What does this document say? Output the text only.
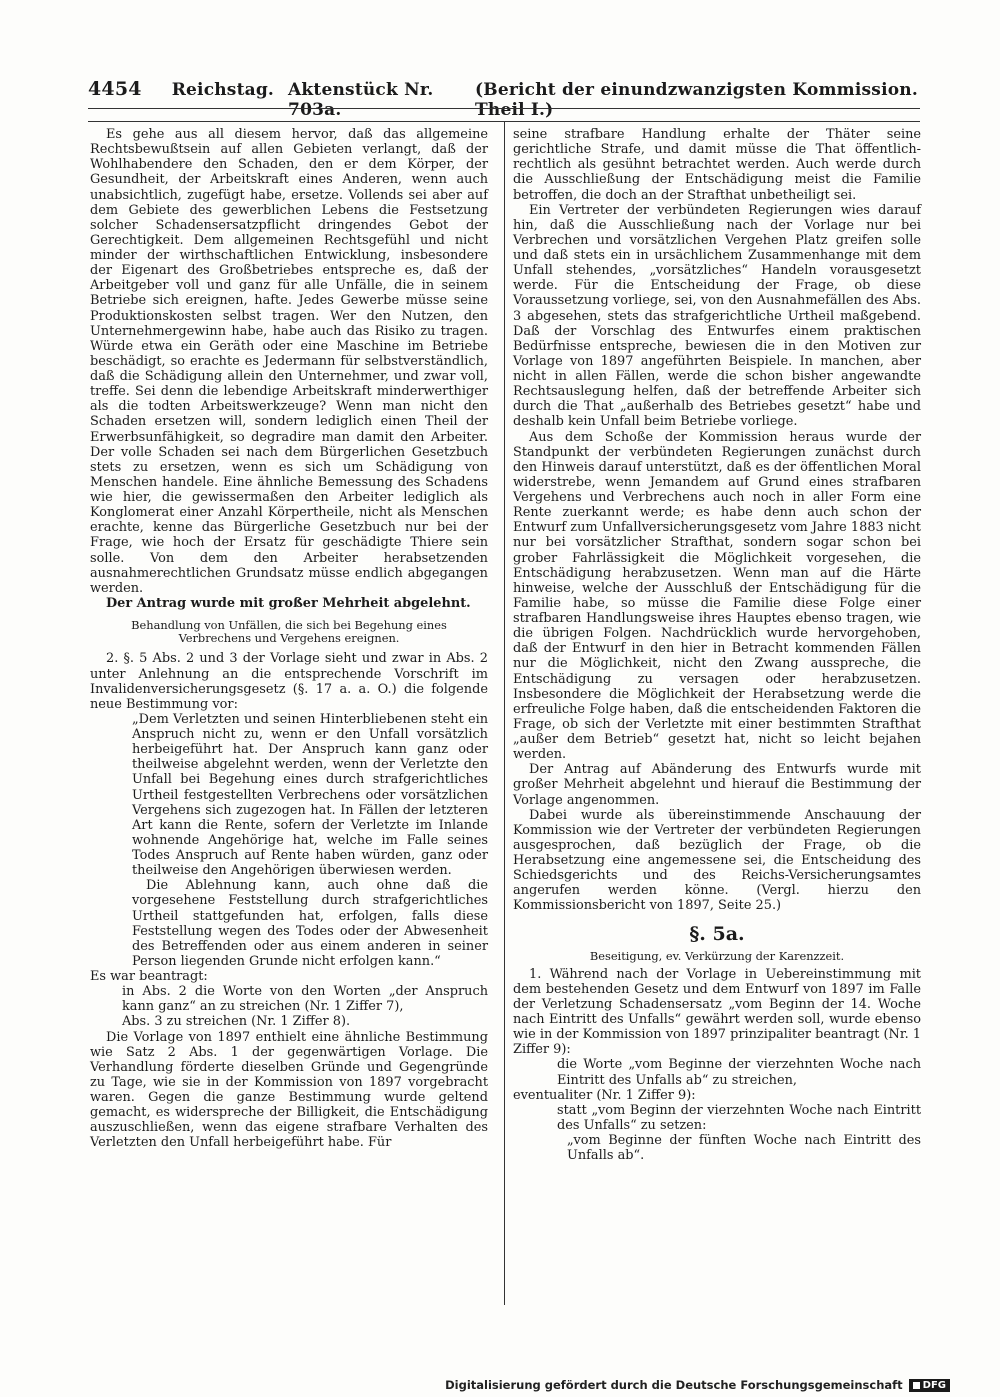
4454 Reichstag. Aktenstück Nr. 703a.
(Bericht der einundzwanzigsten Kommission. Theil I.)

Es gehe aus all diesem hervor, daß das allgemeine Rechtsbewußtsein auf allen Gebieten verlangt, daß der Wohlhabendere den Schaden, den er dem Körper, der Gesundheit, der Arbeitskraft eines Anderen, wenn auch unabsichtlich, zugefügt habe, ersetze. Vollends sei aber auf dem Gebiete des gewerblichen Lebens die Festsetzung solcher Schadensersatzpflicht dringendes Gebot der Gerechtigkeit. Dem allgemeinen Rechtsgefühl und nicht minder der wirthschaftlichen Entwicklung, insbesondere der Eigenart des Großbetriebes entspreche es, daß der Arbeitgeber voll und ganz für alle Unfälle, die in seinem Betriebe sich ereignen, hafte. Jedes Gewerbe müsse seine Produktionskosten selbst tragen. Wer den Nutzen, den Unternehmergewinn habe, habe auch das Risiko zu tragen. Würde etwa ein Geräth oder eine Maschine im Betriebe beschädigt, so erachte es Jedermann für selbstverständlich, daß die Schädigung allein den Unternehmer, und zwar voll, treffe. Sei denn die lebendige Arbeitskraft minderwerthiger als die todten Arbeitswerkzeuge? Wenn man nicht den Schaden ersetzen will, sondern lediglich einen Theil der Erwerbsunfähigkeit, so degradire man damit den Arbeiter. Der volle Schaden sei nach dem Bürgerlichen Gesetzbuch stets zu ersetzen, wenn es sich um Schädigung von Menschen handele. Eine ähnliche Bemessung des Schadens wie hier, die gewissermaßen den Arbeiter lediglich als Konglomerat einer Anzahl Körpertheile, nicht als Menschen erachte, kenne das Bürgerliche Gesetzbuch nur bei der Frage, wie hoch der Ersatz für geschädigte Thiere sein solle. Von dem den Arbeiter herabsetzenden ausnahmerechtlichen Grundsatz müsse endlich abgegangen werden.

Der Antrag wurde mit großer Mehrheit abgelehnt.

Behandlung von Unfällen, die sich bei Begehung eines Verbrechens und Vergehens ereignen.

2. §. 5 Abs. 2 und 3 der Vorlage sieht und zwar in Abs. 2 unter Anlehnung an die entsprechende Vorschrift im Invalidenversicherungsgesetz (§. 17 a. a. O.) die folgende neue Bestimmung vor:

„Dem Verletzten und seinen Hinterbliebenen steht ein Anspruch nicht zu, wenn er den Unfall vorsätzlich herbeigeführt hat. Der Anspruch kann ganz oder theilweise abgelehnt werden, wenn der Verletzte den Unfall bei Begehung eines durch strafgerichtliches Urtheil festgestellten Verbrechens oder vorsätzlichen Vergehens sich zugezogen hat. In Fällen der letzteren Art kann die Rente, sofern der Verletzte im Inlande wohnende Angehörige hat, welche im Falle seines Todes Anspruch auf Rente haben würden, ganz oder theilweise den Angehörigen überwiesen werden.

Die Ablehnung kann, auch ohne daß die vorgesehene Feststellung durch strafgerichtliches Urtheil stattgefunden hat, erfolgen, falls diese Feststellung wegen des Todes oder der Abwesenheit des Betreffenden oder aus einem anderen in seiner Person liegenden Grunde nicht erfolgen kann.“

Es war beantragt:

in Abs. 2 die Worte von den Worten „der Anspruch kann ganz“ an zu streichen (Nr. 1 Ziffer 7),

Abs. 3 zu streichen (Nr. 1 Ziffer 8).

Die Vorlage von 1897 enthielt eine ähnliche Bestimmung wie Satz 2 Abs. 1 der gegenwärtigen Vorlage. Die Verhandlung förderte dieselben Gründe und Gegengründe zu Tage, wie sie in der Kommission von 1897 vorgebracht waren. Gegen die ganze Bestimmung wurde geltend gemacht, es widerspreche der Billigkeit, die Entschädigung auszuschließen, wenn das eigene strafbare Verhalten des Verletzten den Unfall herbeigeführt habe. Für

seine strafbare Handlung erhalte der Thäter seine gerichtliche Strafe, und damit müsse die That öffentlich-rechtlich als gesühnt betrachtet werden. Auch werde durch die Ausschließung der Entschädigung meist die Familie betroffen, die doch an der Strafthat unbetheiligt sei.

Ein Vertreter der verbündeten Regierungen wies darauf hin, daß die Ausschließung nach der Vorlage nur bei Verbrechen und vorsätzlichen Vergehen Platz greifen solle und daß stets ein in ursächlichem Zusammenhange mit dem Unfall stehendes, „vorsätzliches“ Handeln vorausgesetzt werde. Für die Entscheidung der Frage, ob diese Voraussetzung vorliege, sei, von den Ausnahmefällen des Abs. 3 abgesehen, stets das strafgerichtliche Urtheil maßgebend. Daß der Vorschlag des Entwurfes einem praktischen Bedürfnisse entspreche, bewiesen die in den Motiven zur Vorlage von 1897 angeführten Beispiele. In manchen, aber nicht in allen Fällen, werde die schon bisher angewandte Rechtsauslegung helfen, daß der betreffende Arbeiter sich durch die That „außerhalb des Betriebes gesetzt“ habe und deshalb kein Unfall beim Betriebe vorliege.

Aus dem Schoße der Kommission heraus wurde der Standpunkt der verbündeten Regierungen zunächst durch den Hinweis darauf unterstützt, daß es der öffentlichen Moral widerstrebe, wenn Jemandem auf Grund eines strafbaren Vergehens und Verbrechens auch noch in aller Form eine Rente zuerkannt werde; es habe denn auch schon der Entwurf zum Unfallversicherungsgesetz vom Jahre 1883 nicht nur bei vorsätzlicher Strafthat, sondern sogar schon bei grober Fahrlässigkeit die Möglichkeit vorgesehen, die Entschädigung herabzusetzen. Wenn man auf die Härte hinweise, welche der Ausschluß der Entschädigung für die Familie habe, so müsse die Familie diese Folge einer strafbaren Handlungsweise ihres Hauptes ebenso tragen, wie die übrigen Folgen. Nachdrücklich wurde hervorgehoben, daß der Entwurf in den hier in Betracht kommenden Fällen nur die Möglichkeit, nicht den Zwang ausspreche, die Entschädigung zu versagen oder herabzusetzen. Insbesondere die Möglichkeit der Herabsetzung werde die erfreuliche Folge haben, daß die entscheidenden Faktoren die Frage, ob sich der Verletzte mit einer bestimmten Strafthat „außer dem Betrieb“ gesetzt hat, nicht so leicht bejahen werden.

Der Antrag auf Abänderung des Entwurfs wurde mit großer Mehrheit abgelehnt und hierauf die Bestimmung der Vorlage angenommen.

Dabei wurde als übereinstimmende Anschauung der Kommission wie der Vertreter der verbündeten Regierungen ausgesprochen, daß bezüglich der Frage, ob die Herabsetzung eine angemessene sei, die Entscheidung des Schiedsgerichts und des Reichs-Versicherungsamtes angerufen werden könne. (Vergl. hierzu den Kommissionsbericht von 1897, Seite 25.)

§. 5a.

Beseitigung, ev. Verkürzung der Karenzzeit.

1. Während nach der Vorlage in Uebereinstimmung mit dem bestehenden Gesetz und dem Entwurf von 1897 im Falle der Verletzung Schadensersatz „vom Beginn der 14. Woche nach Eintritt des Unfalls“ gewährt werden soll, wurde ebenso wie in der Kommission von 1897 prinzipaliter beantragt (Nr. 1 Ziffer 9):

die Worte „vom Beginne der vierzehnten Woche nach Eintritt des Unfalls ab“ zu streichen,

eventualiter (Nr. 1 Ziffer 9):

statt „vom Beginn der vierzehnten Woche nach Eintritt des Unfalls“ zu setzen:

„vom Beginne der fünften Woche nach Eintritt des Unfalls ab“.

Digitalisierung gefördert durch die Deutsche Forschungsgemeinschaft DFG
